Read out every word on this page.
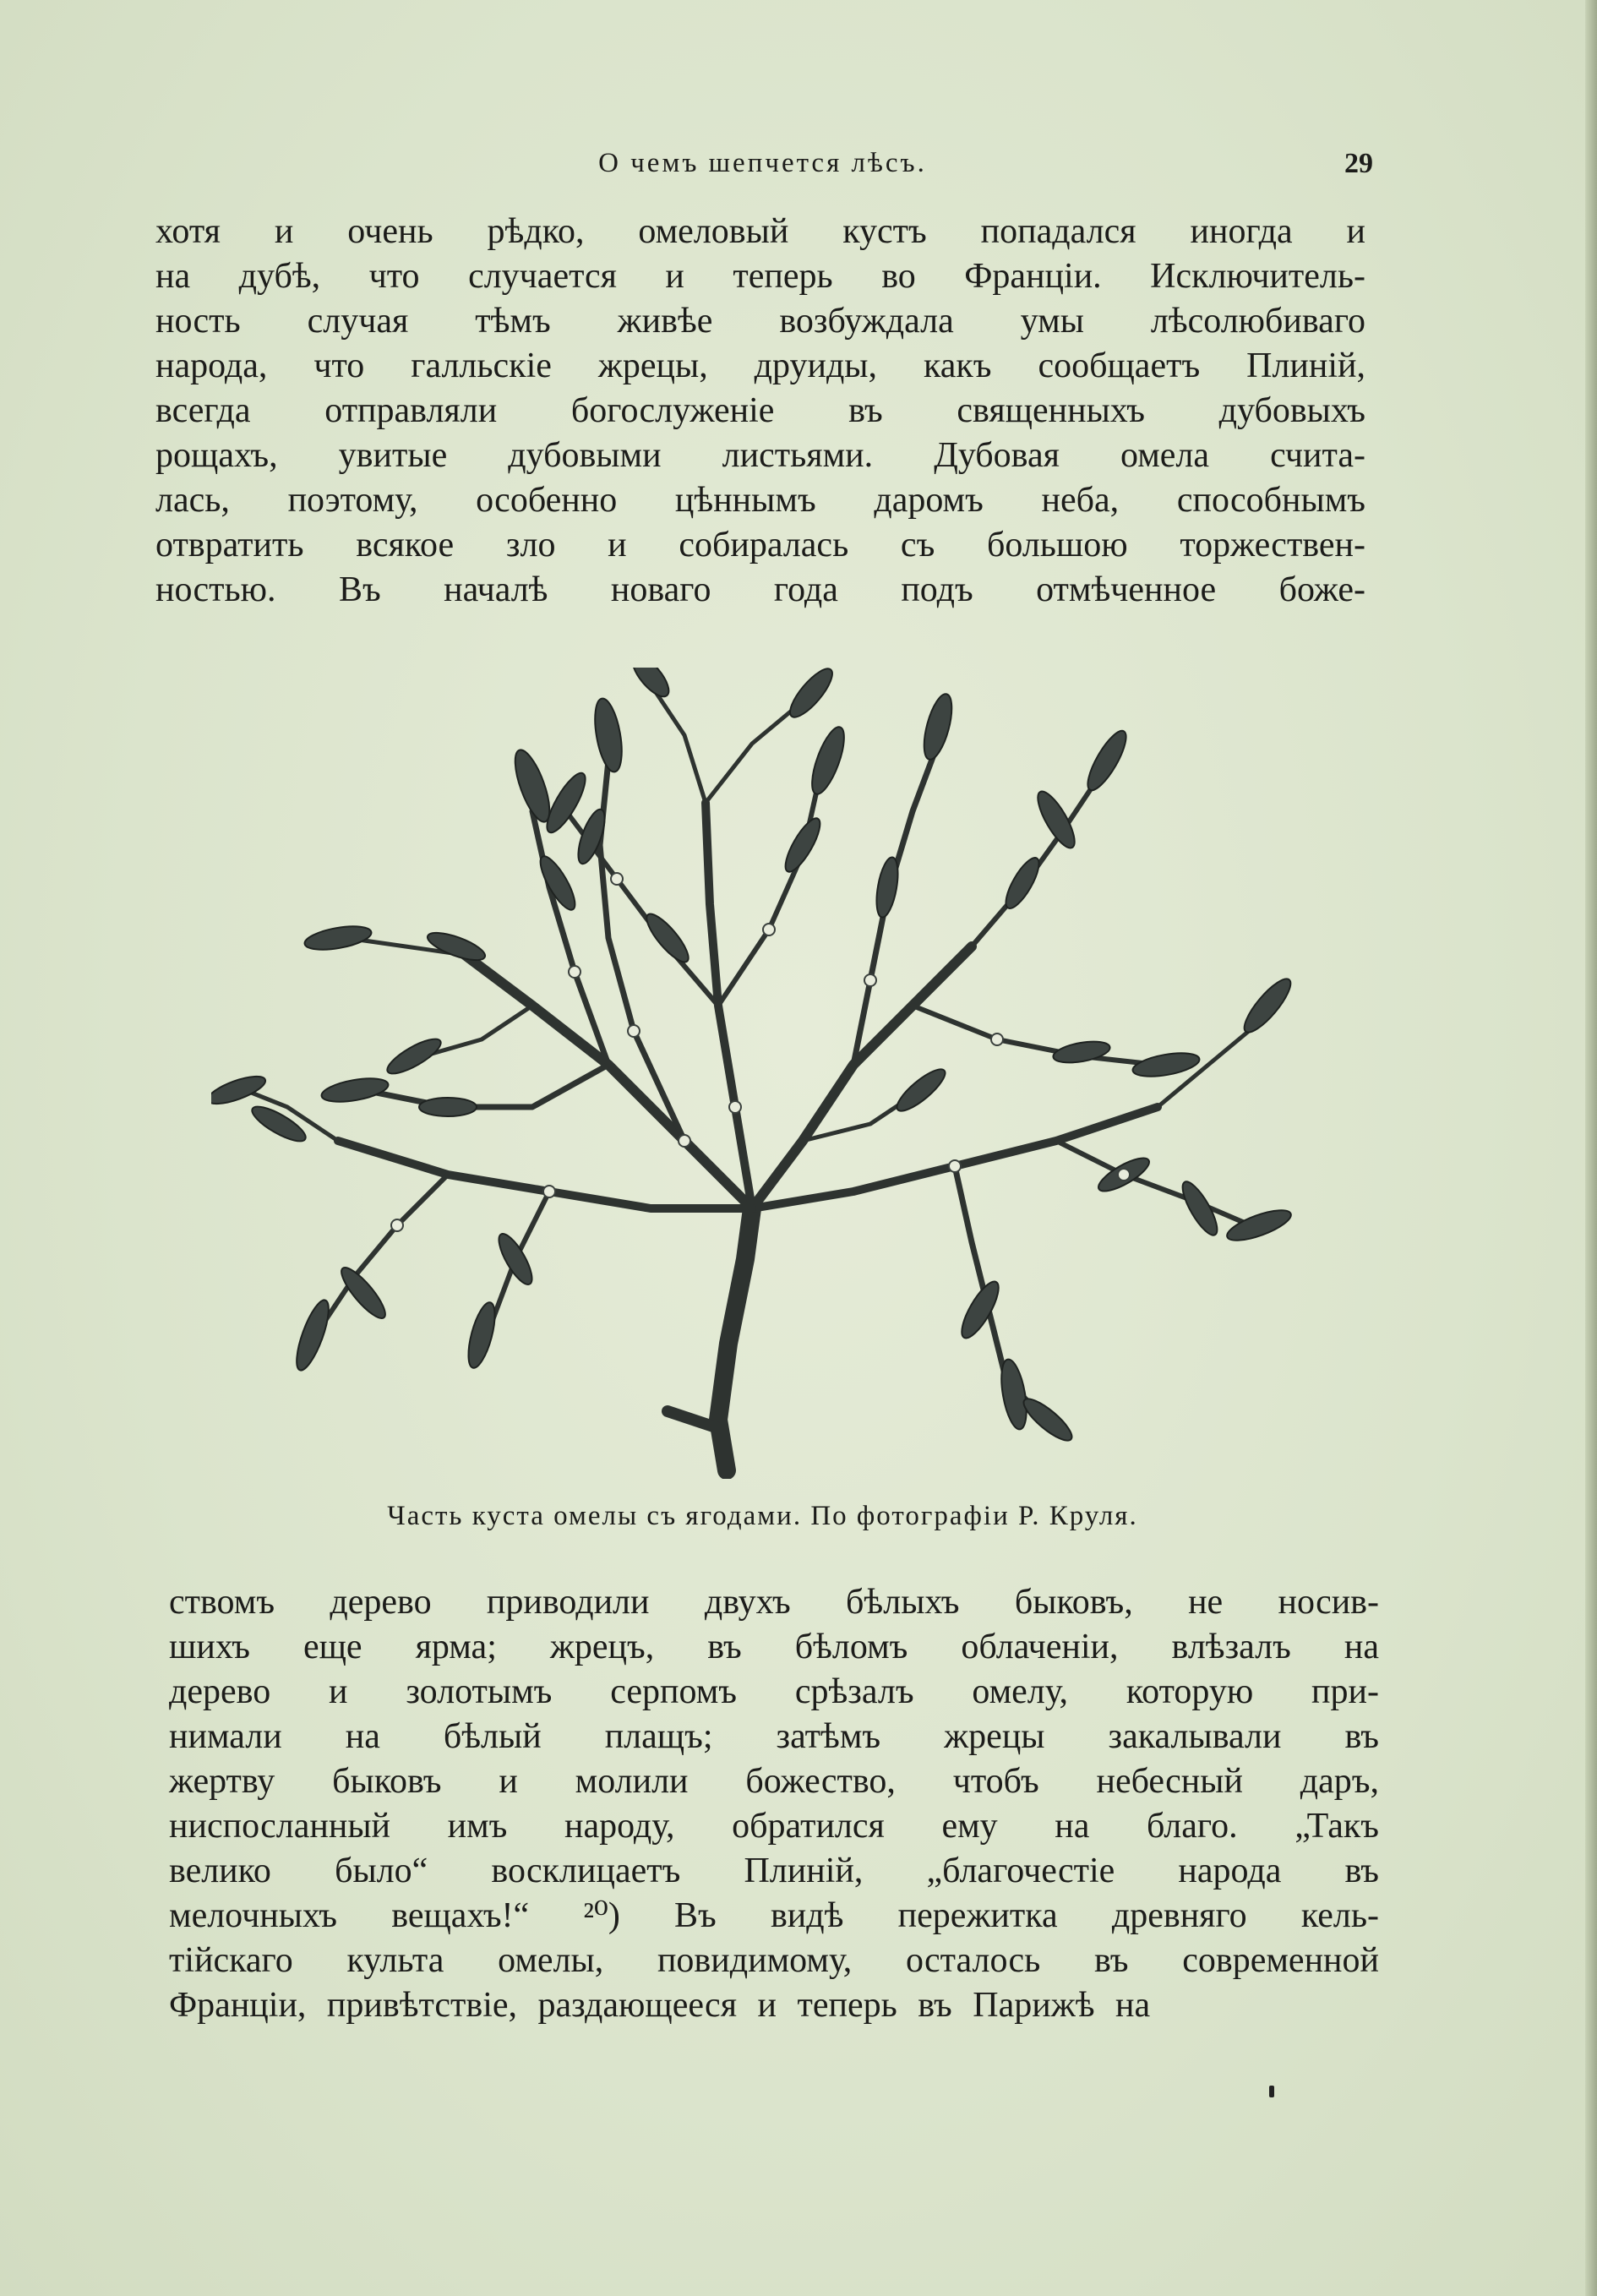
О чемъ шепчется лѣсъ.	29
хотя и очень рѣдко, омеловый кустъ попадался иногда и
на дубѣ, что случается и теперь во Франціи. Исключитель-
ность случая тѣмъ живѣе возбуждала умы лѣсолюбиваго
народа, что галльскіе жрецы, друиды, какъ сообщаетъ Плиній,
всегда отправляли богослуженіе въ священныхъ дубовыхъ
рощахъ, увитые дубовыми листьями. Дубовая омела счита-
лась, поэтому, особенно цѣннымъ даромъ неба, способнымъ
отвратить всякое зло и собиралась съ большою торжествен-
ностью. Въ началѣ новаго года подъ отмѣченное боже-
Часть куста омелы съ ягодами. По фотографіи Р. Круля.
ствомъ дерево приводили двухъ бѣлыхъ быковъ, не носив-
шихъ еще ярма; жрецъ, въ бѣломъ облаченіи, влѣзалъ на
дерево и золотымъ серпомъ срѣзалъ омелу, которую при-
нимали на бѣлый плащъ; затѣмъ жрецы закалывали въ
жертву быковъ и молили божество, чтобъ небесный даръ,
ниспосланный имъ народу, обратился ему на благо. „Такъ
велико было“ восклицаетъ Плиній, „благочестіе народа въ
мелочныхъ вещахъ!“ ²⁰) Въ видѣ пережитка древняго кель-
тійскаго культа омелы, повидимому, осталось въ современной
Франціи, привѣтствіе, раздающееся и теперь въ Парижѣ на
